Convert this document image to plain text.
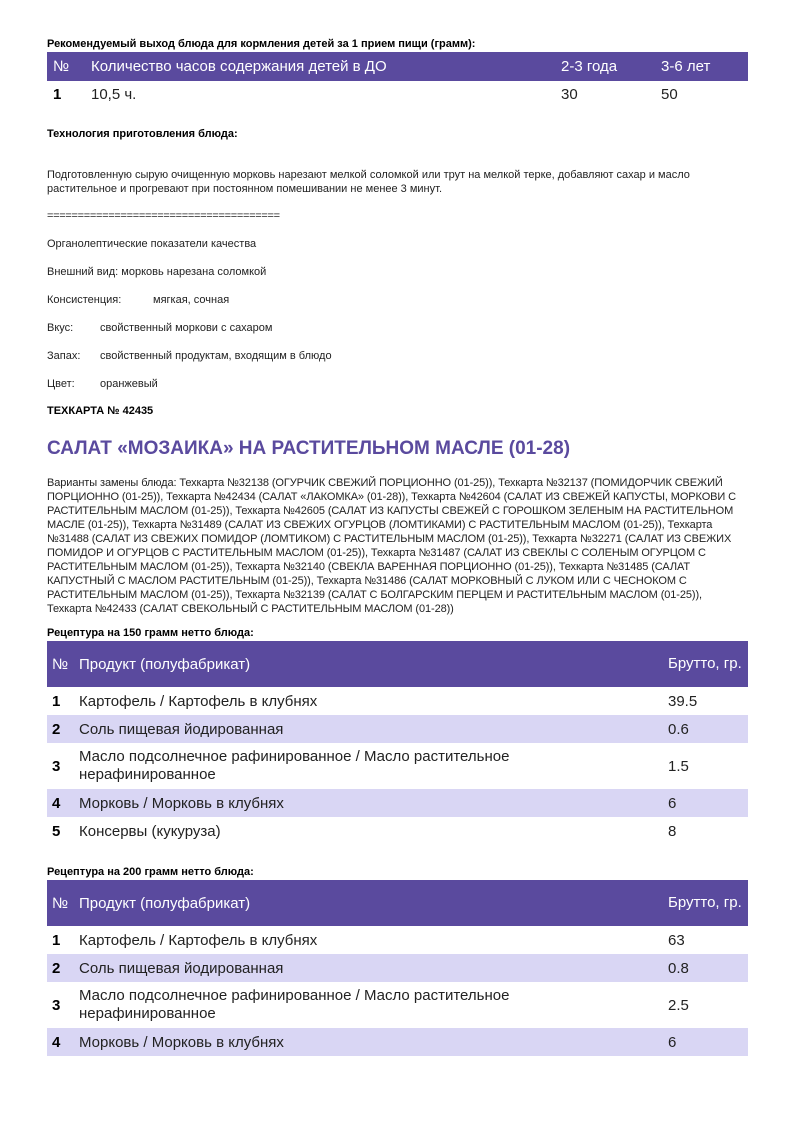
Рекомендуемый выход блюда для кормления детей за 1 прием пищи (грамм):
№	Количество часов содержания детей в ДО	2-3 года	3-6 лет
1	10,5 ч.	30	50
Технология приготовления блюда:
Подготовленную сырую очищенную морковь нарезают мелкой соломкой или трут на мелкой терке, добавляют сахар и масло растительное и прогревают при постоянном помешивании не менее 3 минут.
======================================
Органолептические показатели качества
Внешний вид: морковь нарезана соломкой
Консистенция:	мягкая, сочная
Вкус:	свойственный моркови с сахаром
Запах:	свойственный продуктам, входящим в блюдо
Цвет:	оранжевый
ТЕХКАРТА № 42435
САЛАТ «МОЗАИКА» НА РАСТИТЕЛЬНОМ МАСЛЕ (01-28)
Варианты замены блюда: Техкарта №32138 (ОГУРЧИК СВЕЖИЙ ПОРЦИОННО (01-25)), Техкарта №32137 (ПОМИДОРЧИК СВЕЖИЙ ПОРЦИОННО (01-25)), Техкарта №42434 (САЛАТ «ЛАКОМКА» (01-28)), Техкарта №42604 (САЛАТ ИЗ СВЕЖЕЙ КАПУСТЫ, МОРКОВИ С РАСТИТЕЛЬНЫМ МАСЛОМ (01-25)), Техкарта №42605 (САЛАТ ИЗ КАПУСТЫ СВЕЖЕЙ С ГОРОШКОМ ЗЕЛЕНЫМ НА РАСТИТЕЛЬНОМ МАСЛЕ (01-25)), Техкарта №31489 (САЛАТ ИЗ СВЕЖИХ ОГУРЦОВ (ЛОМТИКАМИ) С РАСТИТЕЛЬНЫМ МАСЛОМ (01-25)), Техкарта №31488 (САЛАТ ИЗ СВЕЖИХ ПОМИДОР (ЛОМТИКОМ) С РАСТИТЕЛЬНЫМ МАСЛОМ (01-25)), Техкарта №32271 (САЛАТ ИЗ СВЕЖИХ ПОМИДОР И ОГУРЦОВ С РАСТИТЕЛЬНЫМ МАСЛОМ (01-25)), Техкарта №31487 (САЛАТ ИЗ СВЕКЛЫ С СОЛЕНЫМ ОГУРЦОМ С РАСТИТЕЛЬНЫМ МАСЛОМ (01-25)), Техкарта №32140 (СВЕКЛА ВАРЕННАЯ ПОРЦИОННО (01-25)), Техкарта №31485 (САЛАТ КАПУСТНЫЙ С МАСЛОМ РАСТИТЕЛЬНЫМ (01-25)), Техкарта №31486 (САЛАТ МОРКОВНЫЙ С ЛУКОМ ИЛИ С ЧЕСНОКОМ С РАСТИТЕЛЬНЫМ МАСЛОМ (01-25)), Техкарта №32139 (САЛАТ С БОЛГАРСКИМ ПЕРЦЕМ И РАСТИТЕЛЬНЫМ МАСЛОМ (01-25)), Техкарта №42433 (САЛАТ СВЕКОЛЬНЫЙ С РАСТИТЕЛЬНЫМ МАСЛОМ (01-28))
Рецептура на 150 грамм нетто блюда:
№	Продукт (полуфабрикат)	Брутто, гр.
1	Картофель / Картофель в клубнях	39.5
2	Соль пищевая йодированная	0.6
3	Масло подсолнечное рафинированное / Масло растительное нерафинированное	1.5
4	Морковь / Морковь в клубнях	6
5	Консервы (кукуруза)	8
Рецептура на 200 грамм нетто блюда:
№	Продукт (полуфабрикат)	Брутто, гр.
1	Картофель / Картофель в клубнях	63
2	Соль пищевая йодированная	0.8
3	Масло подсолнечное рафинированное / Масло растительное нерафинированное	2.5
4	Морковь / Морковь в клубнях	6
